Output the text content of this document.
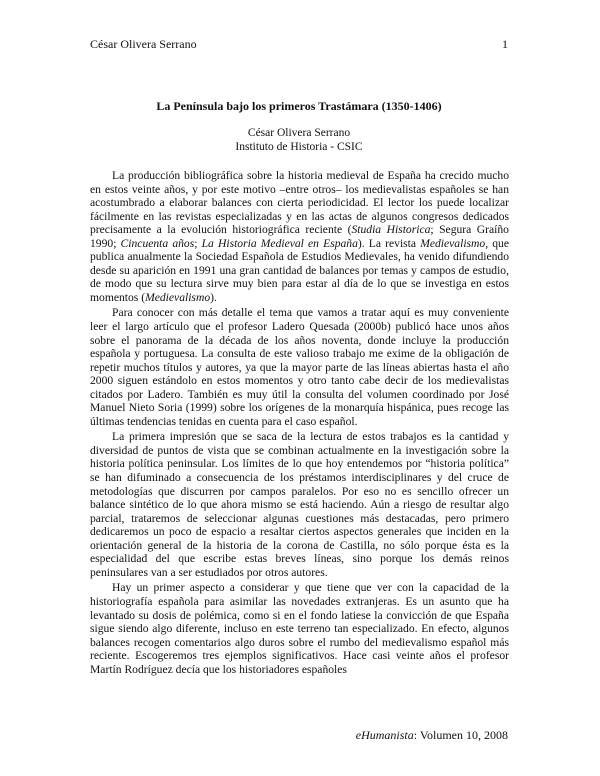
César Olivera Serrano	1
La Península bajo los primeros Trastámara (1350-1406)
César Olivera Serrano
Instituto de Historia - CSIC

La producción bibliográfica sobre la historia medieval de España ha crecido mucho en estos veinte años, y por este motivo –entre otros– los medievalistas españoles se han acostumbrado a elaborar balances con cierta periodicidad. El lector los puede localizar fácilmente en las revistas especializadas y en las actas de algunos congresos dedicados precisamente a la evolución historiográfica reciente (Studia Historica; Segura Graíño 1990; Cincuenta años; La Historia Medieval en España). La revista Medievalismo, que publica anualmente la Sociedad Española de Estudios Medievales, ha venido difundiendo desde su aparición en 1991 una gran cantidad de balances por temas y campos de estudio, de modo que su lectura sirve muy bien para estar al día de lo que se investiga en estos momentos (Medievalismo).

Para conocer con más detalle el tema que vamos a tratar aquí es muy conveniente leer el largo artículo que el profesor Ladero Quesada (2000b) publicó hace unos años sobre el panorama de la década de los años noventa, donde incluye la producción española y portuguesa. La consulta de este valioso trabajo me exime de la obligación de repetir muchos títulos y autores, ya que la mayor parte de las líneas abiertas hasta el año 2000 siguen estándolo en estos momentos y otro tanto cabe decir de los medievalistas citados por Ladero. También es muy útil la consulta del volumen coordinado por José Manuel Nieto Soria (1999) sobre los orígenes de la monarquía hispánica, pues recoge las últimas tendencias tenidas en cuenta para el caso español.

La primera impresión que se saca de la lectura de estos trabajos es la cantidad y diversidad de puntos de vista que se combinan actualmente en la investigación sobre la historia política peninsular. Los límites de lo que hoy entendemos por “historia política” se han difuminado a consecuencia de los préstamos interdisciplinares y del cruce de metodologías que discurren por campos paralelos. Por eso no es sencillo ofrecer un balance sintético de lo que ahora mismo se está haciendo. Aún a riesgo de resultar algo parcial, trataremos de seleccionar algunas cuestiones más destacadas, pero primero dedicaremos un poco de espacio a resaltar ciertos aspectos generales que inciden en la orientación general de la historia de la corona de Castilla, no sólo porque ésta es la especialidad del que escribe estas breves líneas, sino porque los demás reinos peninsulares van a ser estudiados por otros autores.

Hay un primer aspecto a considerar y que tiene que ver con la capacidad de la historiografía española para asimilar las novedades extranjeras. Es un asunto que ha levantado su dosis de polémica, como si en el fondo latiese la convicción de que España sigue siendo algo diferente, incluso en este terreno tan especializado. En efecto, algunos balances recogen comentarios algo duros sobre el rumbo del medievalismo español más reciente. Escogeremos tres ejemplos significativos. Hace casi veinte años el profesor Martín Rodríguez decía que los historiadores españoles

eHumanista: Volumen 10, 2008
